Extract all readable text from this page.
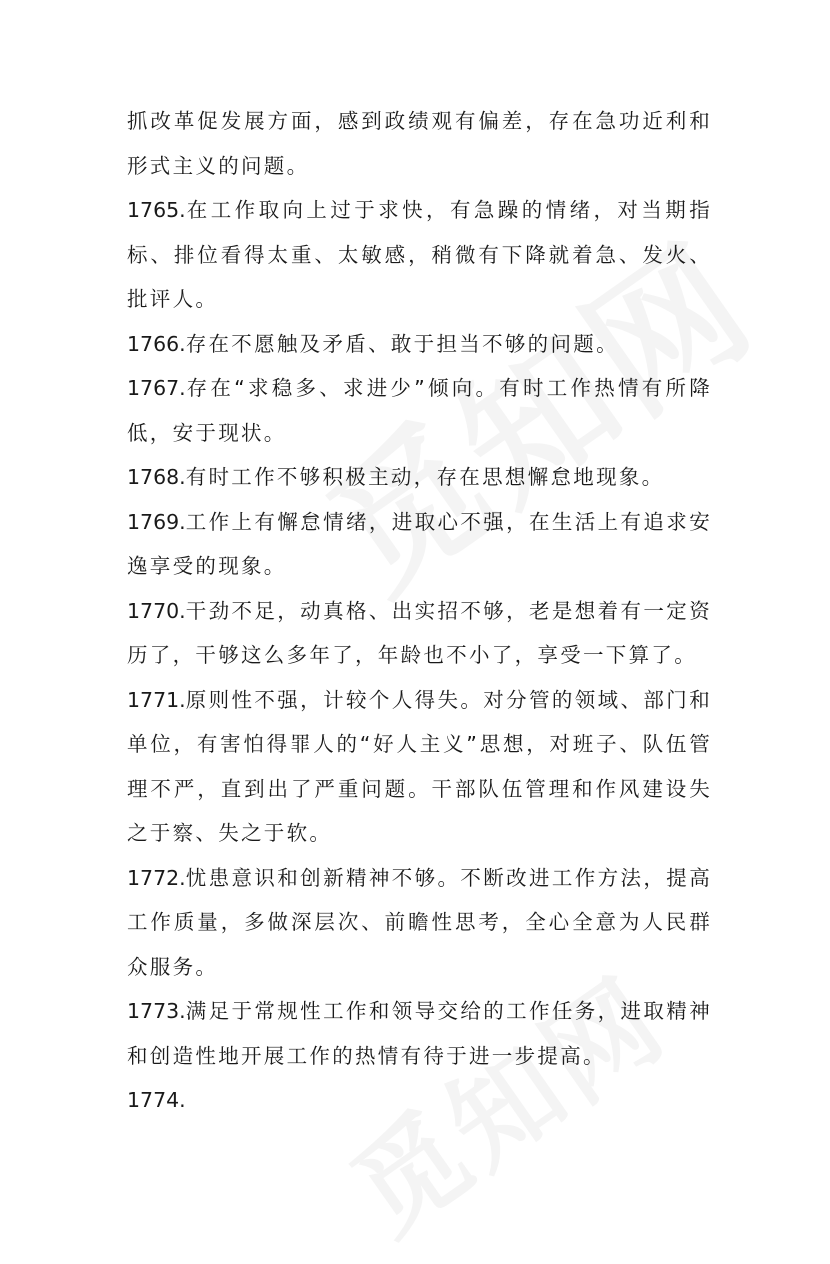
抓改革促发展方面，感到政绩观有偏差，存在急功近利和形式主义的问题。

1765.在工作取向上过于求快，有急躁的情绪，对当期指标、排位看得太重、太敏感，稍微有下降就着急、发火、批评人。

1766.存在不愿触及矛盾、敢于担当不够的问题。

1767.存在“求稳多、求进少”倾向。有时工作热情有所降低，安于现状。

1768.有时工作不够积极主动，存在思想懈怠地现象。

1769.工作上有懈怠情绪，进取心不强，在生活上有追求安逸享受的现象。

1770.干劲不足，动真格、出实招不够，老是想着有一定资历了，干够这么多年了，年龄也不小了，享受一下算了。

1771.原则性不强，计较个人得失。对分管的领域、部门和单位，有害怕得罪人的“好人主义”思想，对班子、队伍管理不严，直到出了严重问题。干部队伍管理和作风建设失之于察、失之于软。

1772.忧患意识和创新精神不够。不断改进工作方法，提高工作质量，多做深层次、前瞻性思考，全心全意为人民群众服务。

1773.满足于常规性工作和领导交给的工作任务，进取精神和创造性地开展工作的热情有待于进一步提高。

1774.
